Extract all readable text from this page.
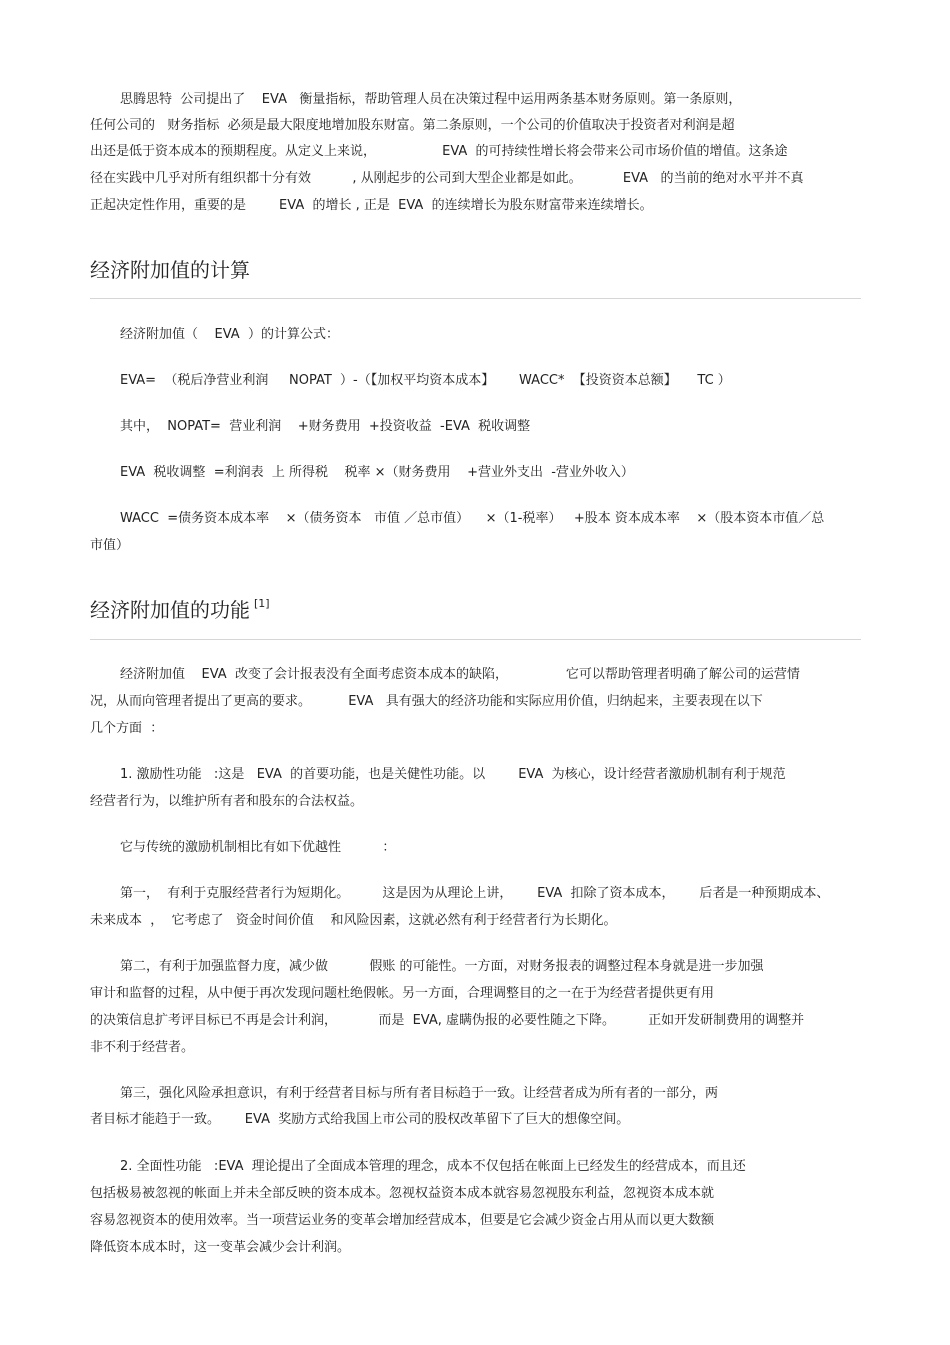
思腾思特  公司提出了    EVA   衡量指标，帮助管理人员在决策过程中运用两条基本财务原则。第一条原则，
任何公司的   财务指标  必须是最大限度地增加股东财富。第二条原则，一个公司的价值取决于投资者对利润是超
出还是低于资本成本的预期程度。从定义上来说，                EVA  的可持续性增长将会带来公司市场价值的增值。这条途
径在实践中几乎对所有组织都十分有效          , 从刚起步的公司到大型企业都是如此。          EVA   的当前的绝对水平并不真
正起决定性作用，重要的是        EVA  的增长 , 正是  EVA  的连续增长为股东财富带来连续增长。
经济附加值的计算
经济附加值（    EVA  ）的计算公式：
EVA=  （税后净营业利润     NOPAT  ）-（【加权平均资本成本】      WACC*  【投资资本总额】     TC ）
其中，  NOPAT=  营业利润    +财务费用  +投资收益  -EVA  税收调整
EVA  税收调整  =利润表  上 所得税    税率 ×（财务费用    +营业外支出  -营业外收入）
WACC  =债务资本成本率    ×（债务资本   市值 ／总市值）    ×（1-税率）   +股本 资本成本率    ×（股本资本市值／总
市值）
经济附加值的功能 [1]
经济附加值    EVA  改变了会计报表没有全面考虑资本成本的缺陷，              它可以帮助管理者明确了解公司的运营情
况，从而向管理者提出了更高的要求。         EVA   具有强大的经济功能和实际应用价值，归纳起来，主要表现在以下
几个方面  ：
1. 激励性功能   :这是   EVA  的首要功能，也是关健性功能。以        EVA  为核心，设计经营者激励机制有利于规范
经营者行为，以维护所有者和股东的合法权益。
它与传统的激励机制相比有如下优越性          ：
第一，  有利于克服经营者行为短期化。        这是因为从理论上讲，      EVA  扣除了资本成本，      后者是一种预期成本、
未来成本  ，  它考虑了   资金时间价值    和风险因素，这就必然有利于经营者行为长期化。
第二，有利于加强监督力度，减少做          假账 的可能性。一方面，对财务报表的调整过程本身就是进一步加强
审计和监督的过程，从中便于再次发现问题杜绝假帐。另一方面，合理调整目的之一在于为经营者提供更有用
的决策信息扩考评目标已不再是会计利润，          而是  EVA, 虚瞒伪报的必要性随之下降。        正如开发研制费用的调整并
非不利于经营者。
第三，强化风险承担意识，有利于经营者目标与所有者目标趋于一致。让经营者成为所有者的一部分，两
者目标才能趋于一致。      EVA  奖励方式给我国上市公司的股权改革留下了巨大的想像空间。
2. 全面性功能   :EVA  理论提出了全面成本管理的理念，成本不仅包括在帐面上已经发生的经营成本，而且还
包括极易被忽视的帐面上并未全部反映的资本成本。忽视权益资本成本就容易忽视股东利益，忽视资本成本就
容易忽视资本的使用效率。当一项营运业务的变革会增加经营成本，但要是它会减少资金占用从而以更大数额
降低资本成本时，这一变革会减少会计利润。
